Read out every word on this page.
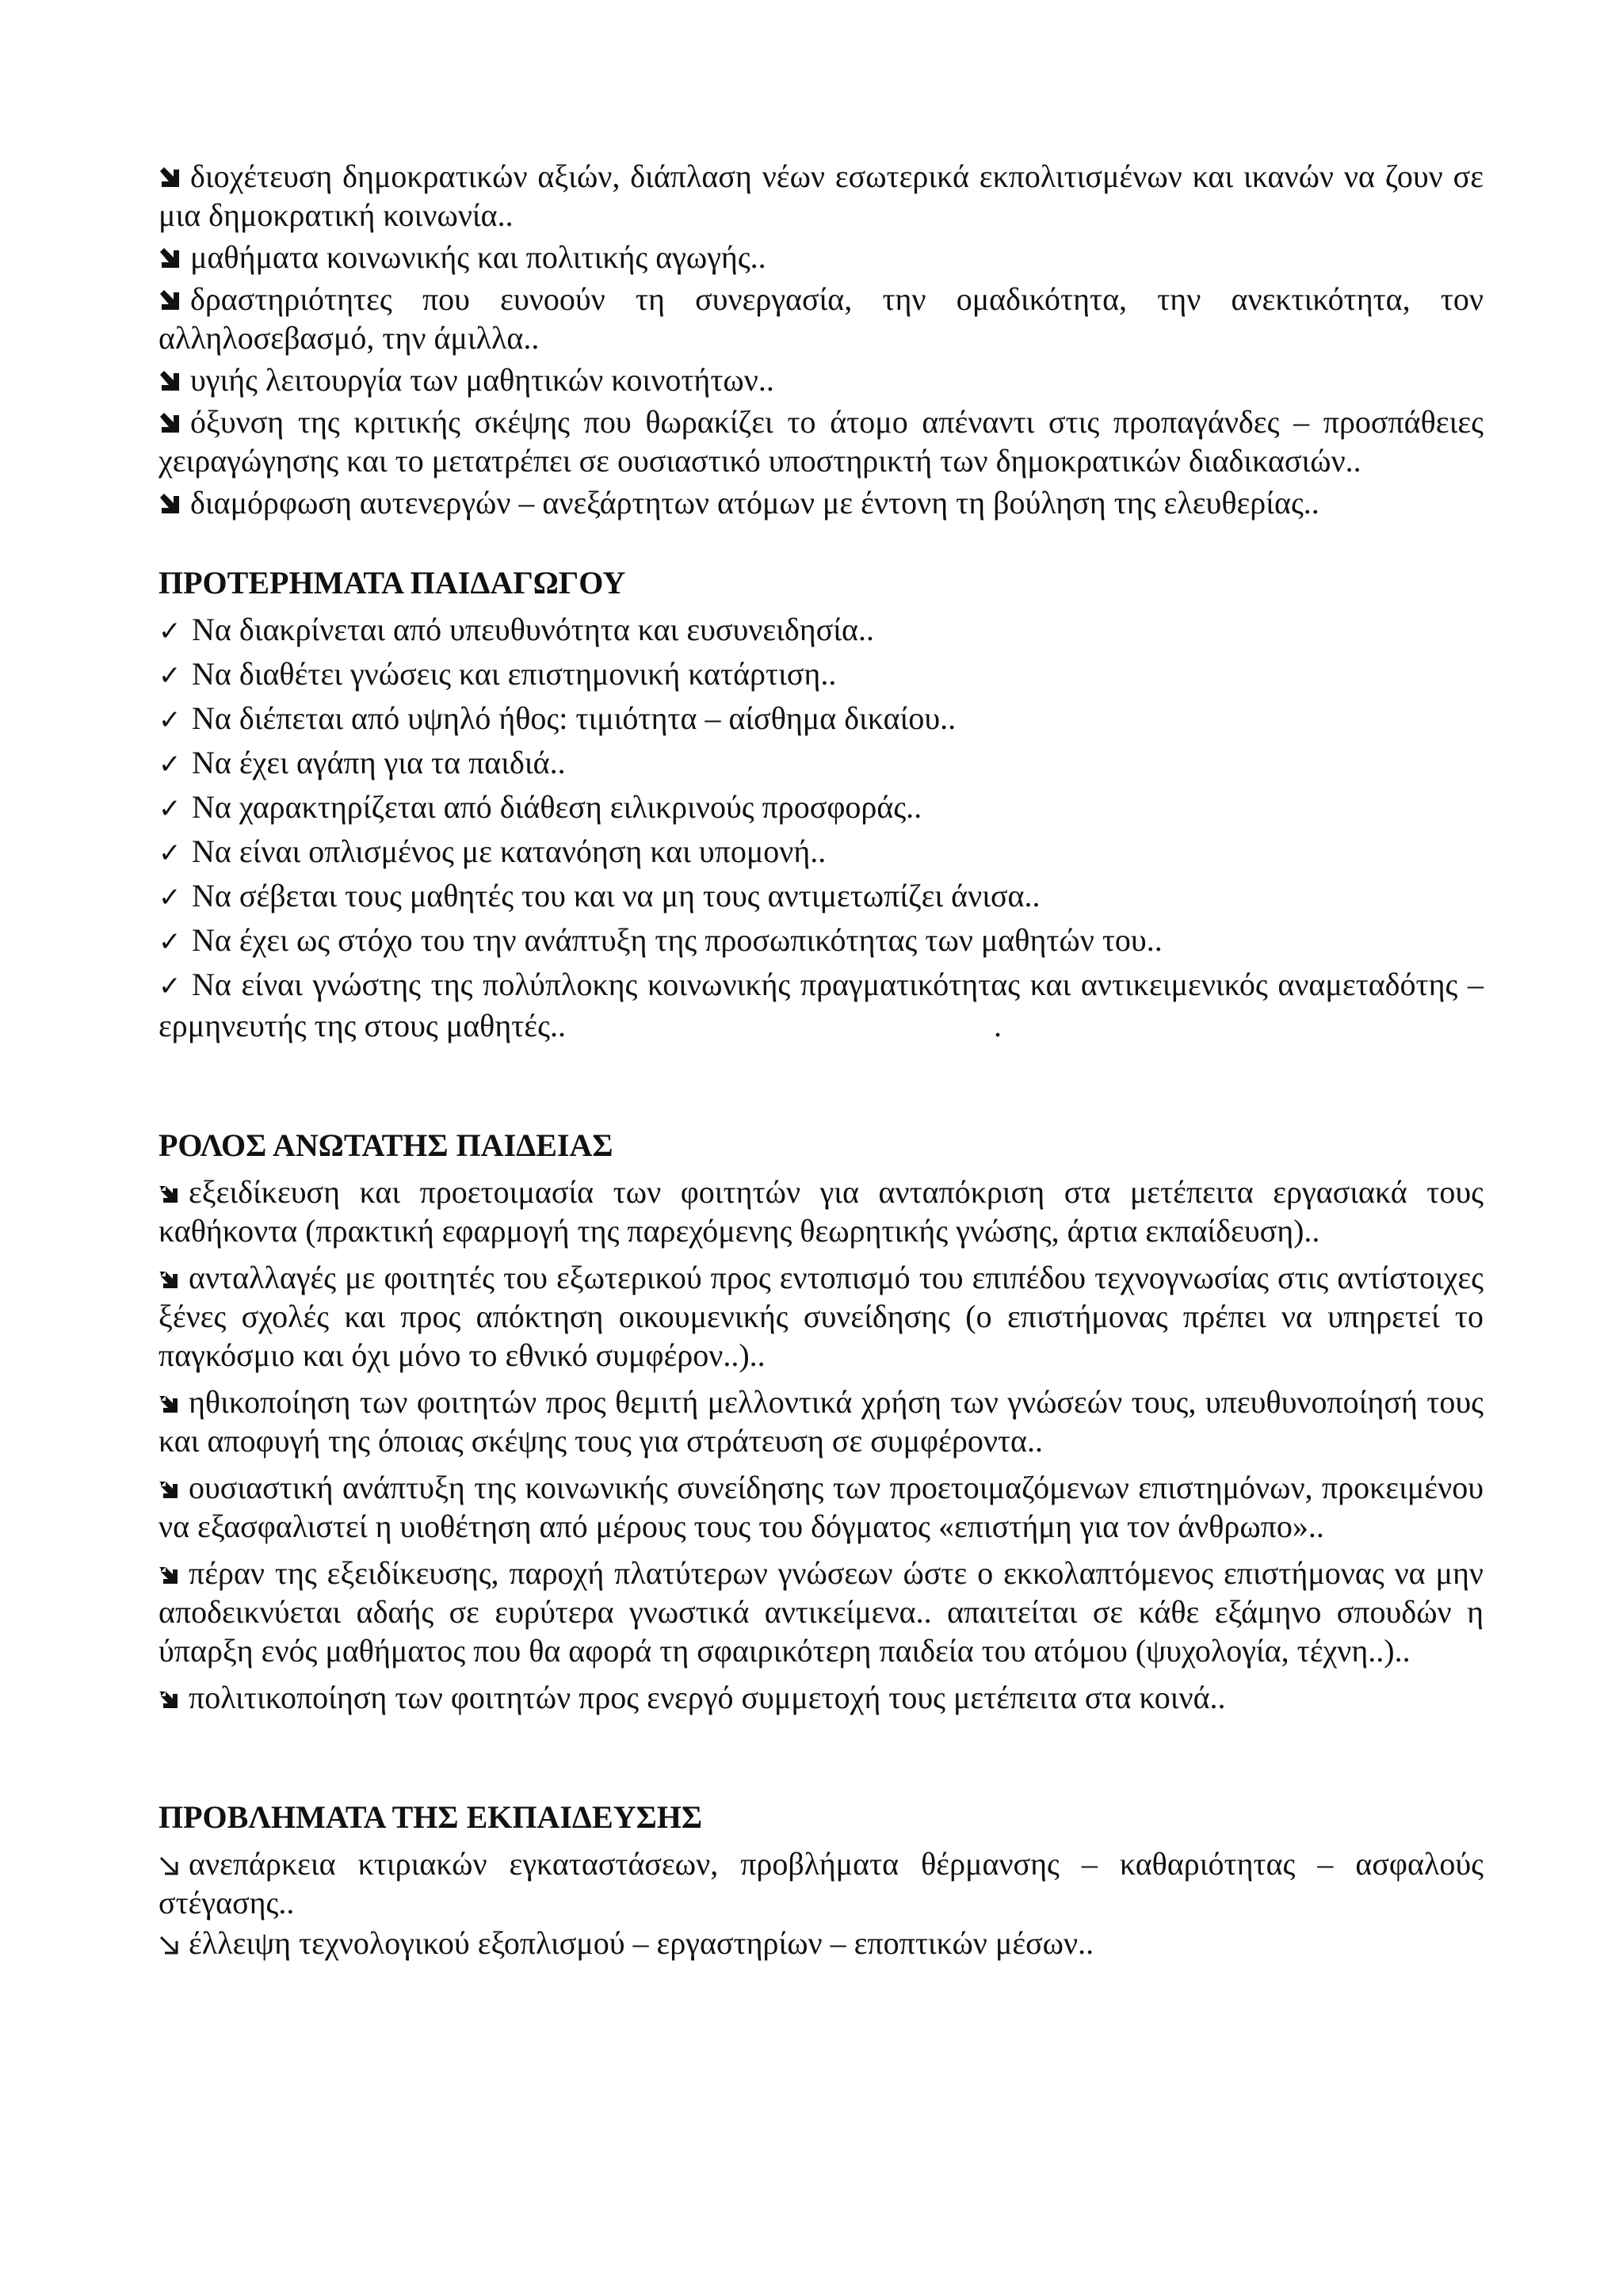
διοχέτευση δημοκρατικών αξιών, διάπλαση νέων εσωτερικά εκπολιτισμένων και ικανών να ζουν σε μια δημοκρατική κοινωνία..

μαθήματα κοινωνικής και πολιτικής αγωγής..

δραστηριότητες που ευνοούν τη συνεργασία, την ομαδικότητα, την ανεκτικότητα, τον αλληλοσεβασμό, την άμιλλα..

υγιής λειτουργία των μαθητικών κοινοτήτων..

όξυνση της κριτικής σκέψης που θωρακίζει το άτομο απέναντι στις προπαγάνδες – προσπάθειες χειραγώγησης και το μετατρέπει σε ουσιαστικό υποστηρικτή των δημοκρατικών διαδικασιών..

διαμόρφωση αυτενεργών – ανεξάρτητων ατόμων με έντονη τη βούληση της ελευθερίας..

ΠΡΟΤΕΡΗΜΑΤΑ ΠΑΙΔΑΓΩΓΟΥ

✓ Να διακρίνεται από υπευθυνότητα και ευσυνειδησία..

✓ Να διαθέτει γνώσεις και επιστημονική κατάρτιση..

✓ Να διέπεται από υψηλό ήθος: τιμιότητα – αίσθημα δικαίου..

✓ Να έχει αγάπη για τα παιδιά..

✓ Να χαρακτηρίζεται από διάθεση ειλικρινούς προσφοράς..

✓ Να είναι οπλισμένος με κατανόηση και υπομονή..

✓ Να σέβεται τους μαθητές του και να μη τους αντιμετωπίζει άνισα..

✓ Να έχει ως στόχο του την ανάπτυξη της προσωπικότητας των μαθητών του..

✓ Να είναι γνώστης της πολύπλοκης κοινωνικής πραγματικότητας και αντικειμενικός αναμεταδότης – ερμηνευτής της στους μαθητές..	.

ΡΟΛΟΣ ΑΝΩΤΑΤΗΣ ΠΑΙΔΕΙΑΣ

εξειδίκευση και προετοιμασία των φοιτητών για ανταπόκριση στα μετέπειτα εργασιακά τους καθήκοντα (πρακτική εφαρμογή της παρεχόμενης θεωρητικής γνώσης, άρτια εκπαίδευση)..

ανταλλαγές με φοιτητές του εξωτερικού προς εντοπισμό του επιπέδου τεχνογνωσίας στις αντίστοιχες ξένες σχολές και προς απόκτηση οικουμενικής συνείδησης (ο επιστήμονας πρέπει να υπηρετεί το παγκόσμιο και όχι μόνο το εθνικό συμφέρον..)..

ηθικοποίηση των φοιτητών προς θεμιτή μελλοντικά χρήση των γνώσεών τους, υπευθυνοποίησή τους και αποφυγή της όποιας σκέψης τους για στράτευση σε συμφέροντα..

ουσιαστική ανάπτυξη της κοινωνικής συνείδησης των προετοιμαζόμενων επιστημόνων, προκειμένου να εξασφαλιστεί η υιοθέτηση από μέρους τους του δόγματος «επιστήμη για τον άνθρωπο»..

πέραν της εξειδίκευσης, παροχή πλατύτερων γνώσεων ώστε ο εκκολαπτόμενος επιστήμονας να μην αποδεικνύεται αδαής σε ευρύτερα γνωστικά αντικείμενα.. απαιτείται σε κάθε εξάμηνο σπουδών η ύπαρξη ενός μαθήματος που θα αφορά τη σφαιρικότερη παιδεία του ατόμου (ψυχολογία, τέχνη..)..

πολιτικοποίηση των φοιτητών προς ενεργό συμμετοχή τους μετέπειτα στα κοινά..

ΠΡΟΒΛΗΜΑΤΑ ΤΗΣ ΕΚΠΑΙΔΕΥΣΗΣ

ανεπάρκεια κτιριακών εγκαταστάσεων, προβλήματα θέρμανσης – καθαριότητας – ασφαλούς στέγασης..

έλλειψη τεχνολογικού εξοπλισμού – εργαστηρίων – εποπτικών μέσων..
